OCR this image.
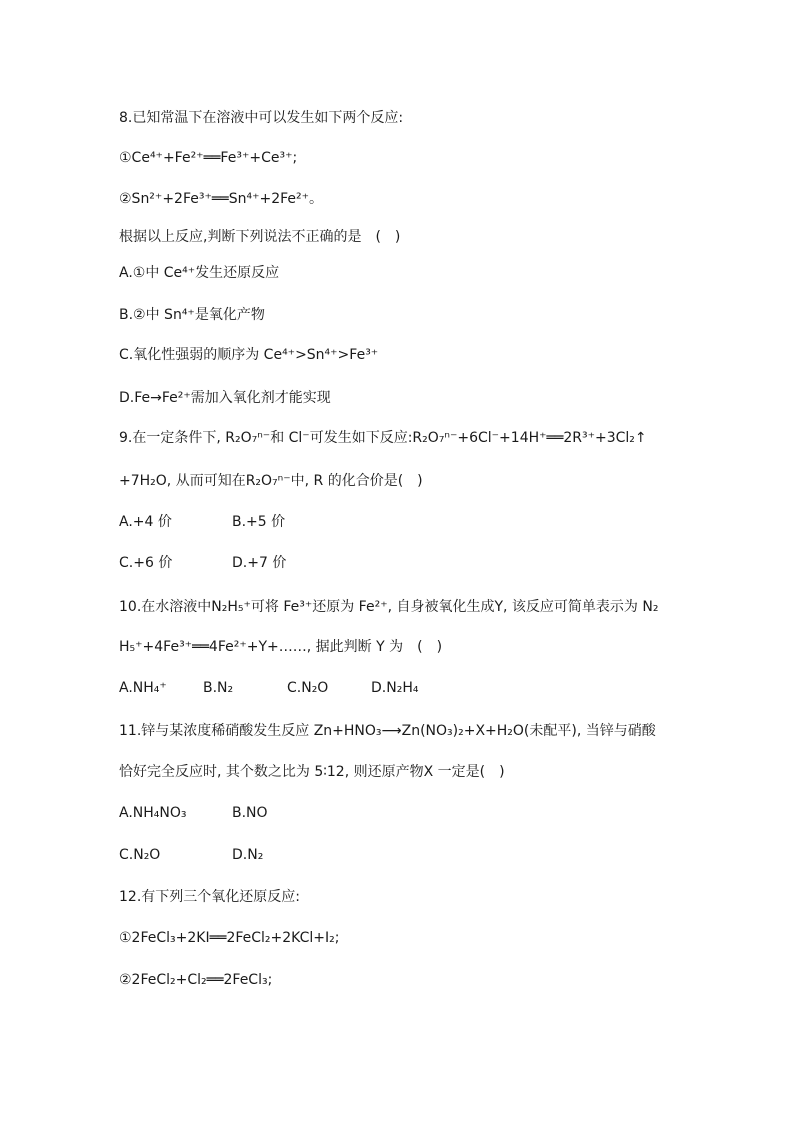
8.已知常温下在溶液中可以发生如下两个反应:
①Ce⁴⁺+Fe²⁺══Fe³⁺+Ce³⁺;
②Sn²⁺+2Fe³⁺══Sn⁴⁺+2Fe²⁺。
根据以上反应,判断下列说法不正确的是　(　)
A.①中 Ce⁴⁺发生还原反应
B.②中 Sn⁴⁺是氧化产物
C.氧化性强弱的顺序为 Ce⁴⁺>Sn⁴⁺>Fe³⁺
D.Fe→Fe²⁺需加入氧化剂才能实现
9.在一定条件下, R₂O₇ⁿ⁻和 Cl⁻可发生如下反应:R₂O₇ⁿ⁻+6Cl⁻+14H⁺══2R³⁺+3Cl₂↑
+7H₂O, 从而可知在R₂O₇ⁿ⁻中, R 的化合价是(　)
A.+4 价	B.+5 价
C.+6 价	D.+7 价
10.在水溶液中N₂H₅⁺可将 Fe³⁺还原为 Fe²⁺, 自身被氧化生成Y, 该反应可简单表示为 N₂
H₅⁺+4Fe³⁺══4Fe²⁺+Y+……, 据此判断 Y 为　(　)
A.NH₄⁺	B.N₂	C.N₂O	D.N₂H₄
11.锌与某浓度稀硝酸发生反应 Zn+HNO₃⟶Zn(NO₃)₂+X+H₂O(未配平), 当锌与硝酸
恰好完全反应时, 其个数之比为 5∶12, 则还原产物X 一定是(　)
A.NH₄NO₃	B.NO
C.N₂O	D.N₂
12.有下列三个氧化还原反应:
①2FeCl₃+2KI══2FeCl₂+2KCl+I₂;
②2FeCl₂+Cl₂══2FeCl₃;
